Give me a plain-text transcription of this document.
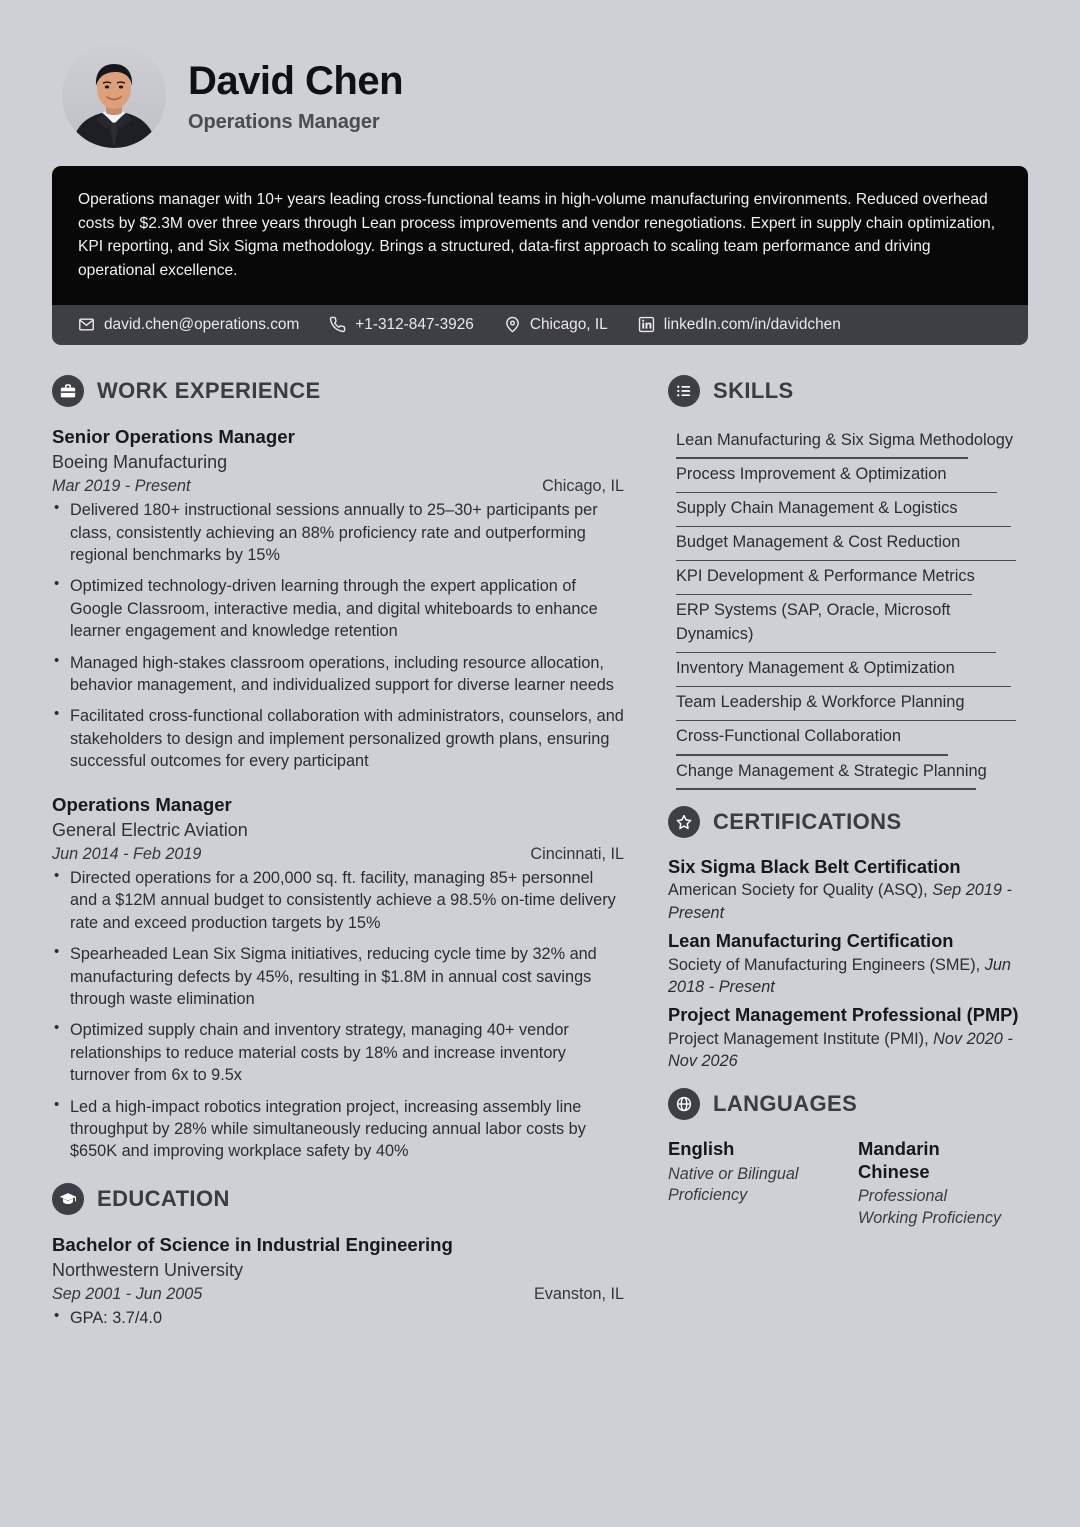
David Chen
Operations Manager
Operations manager with 10+ years leading cross-functional teams in high-volume manufacturing environments. Reduced overhead costs by $2.3M over three years through Lean process improvements and vendor renegotiations. Expert in supply chain optimization, KPI reporting, and Six Sigma methodology. Brings a structured, data-first approach to scaling team performance and driving operational excellence.
david.chen@operations.com	+1-312-847-3926	Chicago, IL	linkedIn.com/in/davidchen
WORK EXPERIENCE
Senior Operations Manager
Boeing Manufacturing
Mar 2019 - Present	Chicago, IL
• Delivered 180+ instructional sessions annually to 25–30+ participants per class, consistently achieving an 88% proficiency rate and outperforming regional benchmarks by 15%
• Optimized technology-driven learning through the expert application of Google Classroom, interactive media, and digital whiteboards to enhance learner engagement and knowledge retention
• Managed high-stakes classroom operations, including resource allocation, behavior management, and individualized support for diverse learner needs
• Facilitated cross-functional collaboration with administrators, counselors, and stakeholders to design and implement personalized growth plans, ensuring successful outcomes for every participant
Operations Manager
General Electric Aviation
Jun 2014 - Feb 2019	Cincinnati, IL
• Directed operations for a 200,000 sq. ft. facility, managing 85+ personnel and a $12M annual budget to consistently achieve a 98.5% on-time delivery rate and exceed production targets by 15%
• Spearheaded Lean Six Sigma initiatives, reducing cycle time by 32% and manufacturing defects by 45%, resulting in $1.8M in annual cost savings through waste elimination
• Optimized supply chain and inventory strategy, managing 40+ vendor relationships to reduce material costs by 18% and increase inventory turnover from 6x to 9.5x
• Led a high-impact robotics integration project, increasing assembly line throughput by 28% while simultaneously reducing annual labor costs by $650K and improving workplace safety by 40%
EDUCATION
Bachelor of Science in Industrial Engineering
Northwestern University
Sep 2001 - Jun 2005	Evanston, IL
• GPA: 3.7/4.0
SKILLS
Lean Manufacturing & Six Sigma Methodology
Process Improvement & Optimization
Supply Chain Management & Logistics
Budget Management & Cost Reduction
KPI Development & Performance Metrics
ERP Systems (SAP, Oracle, Microsoft Dynamics)
Inventory Management & Optimization
Team Leadership & Workforce Planning
Cross-Functional Collaboration
Change Management & Strategic Planning
CERTIFICATIONS
Six Sigma Black Belt Certification
American Society for Quality (ASQ), Sep 2019 - Present
Lean Manufacturing Certification
Society of Manufacturing Engineers (SME), Jun 2018 - Present
Project Management Professional (PMP)
Project Management Institute (PMI), Nov 2020 - Nov 2026
LANGUAGES
English
Native or Bilingual Proficiency
Mandarin Chinese
Professional Working Proficiency
